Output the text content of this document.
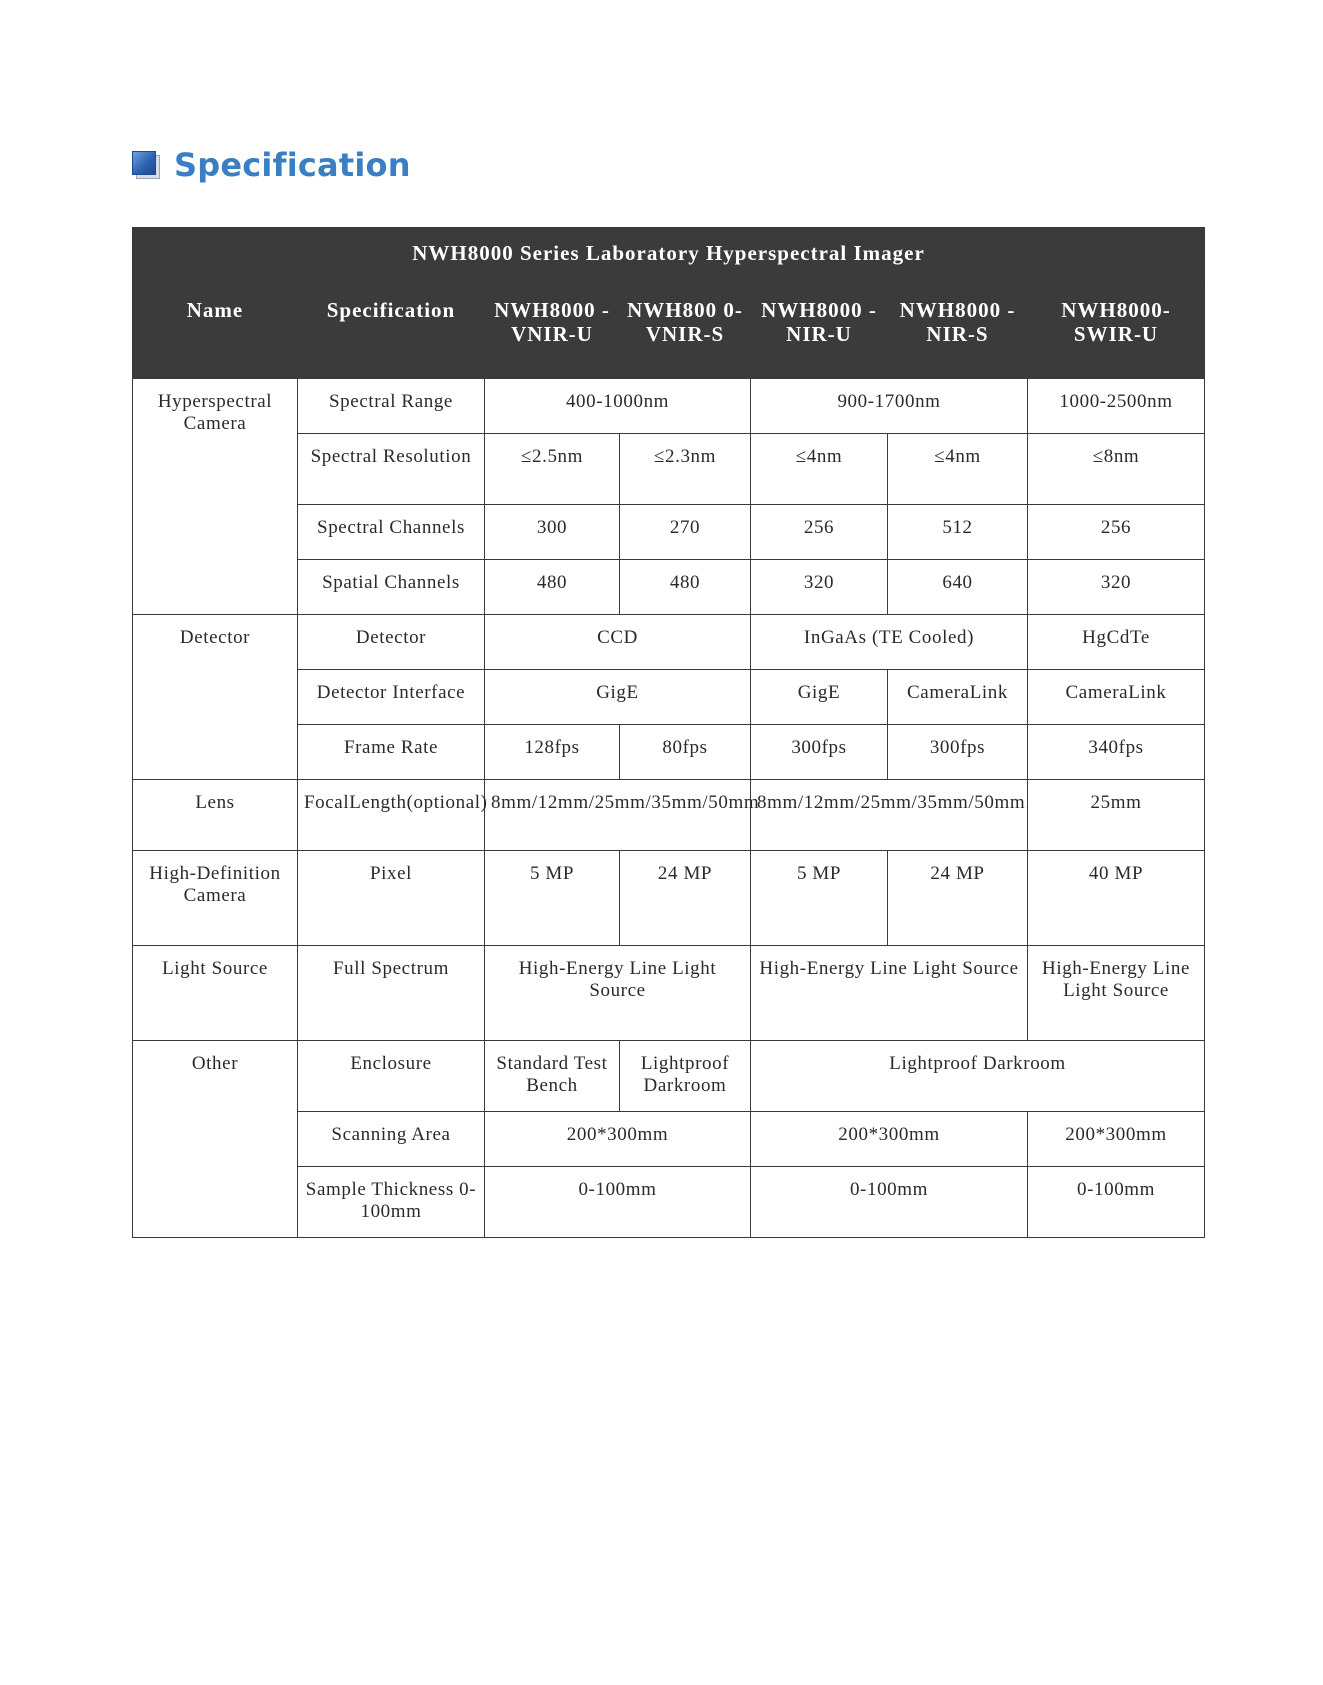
Specification
NWH8000 Series Laboratory Hyperspectral Imager						
Name	Specification	NWH8000 -VNIR-U	NWH800 0-VNIR-S	NWH8000 -NIR-U	NWH8000 -NIR-S	NWH8000- SWIR-U
Hyperspectral Camera	Spectral Range	400-1000nm		900-1700nm		1000-2500nm
	Spectral Resolution	≤2.5nm	≤2.3nm	≤4nm	≤4nm	≤8nm
	Spectral Channels	300	270	256	512	256
	Spatial Channels	480	480	320	640	320
Detector	Detector	CCD		InGaAs (TE Cooled)		HgCdTe
	Detector Interface	GigE		GigE	CameraLink	CameraLink
	Frame Rate	128fps	80fps	300fps	300fps	340fps
Lens	FocalLength(optional)	8mm/12mm/25mm/35mm/50mm		8mm/12mm/25mm/35mm/50mm		25mm
High-Definition Camera	Pixel	5 MP	24 MP	5 MP	24 MP	40 MP
Light Source	Full Spectrum	High-Energy Line Light Source		High-Energy Line Light Source		High-Energy Line Light Source
Other	Enclosure	Standard Test Bench	Lightproof Darkroom	Lightproof Darkroom		
	Scanning Area	200*300mm		200*300mm		200*300mm
	Sample Thickness 0-100mm	0-100mm		0-100mm		0-100mm
